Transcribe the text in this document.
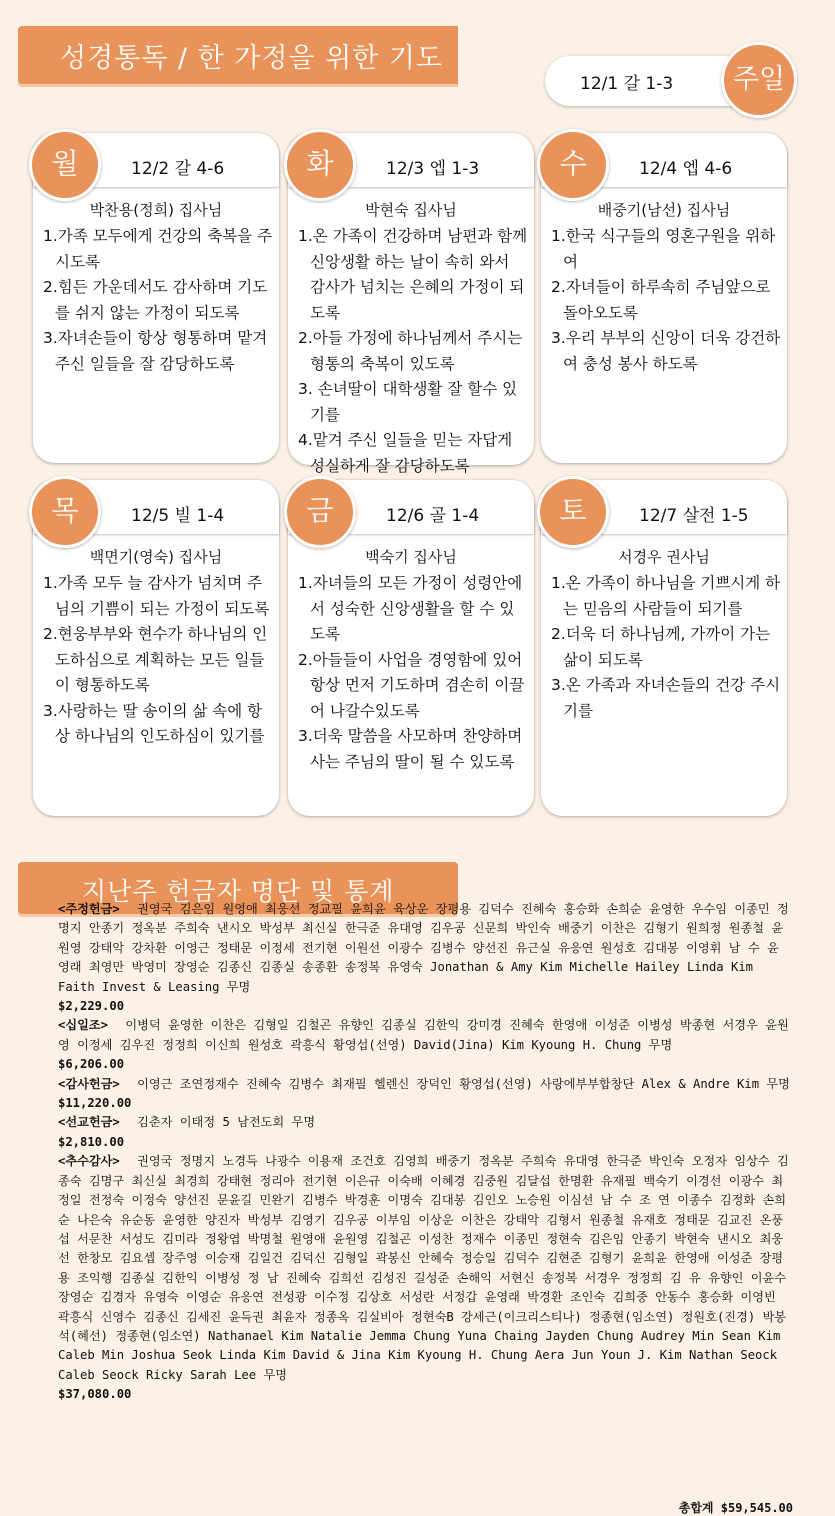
성경통독 / 한 가정을 위한 기도
12/1 갈 1-3	주일
월	12/2 갈 4-6
박찬용(정희) 집사님
1.가족 모두에게 건강의 축복을 주시도록
2.힘든 가운데서도 감사하며 기도를 쉬지 않는 가정이 되도록
3.자녀손들이 항상 형통하며 맡겨주신 일들을 잘 감당하도록
화	12/3 엡 1-3
박현숙 집사님
1.온 가족이 건강하며 남편과 함께 신앙생활 하는 날이 속히 와서 감사가 넘치는 은혜의 가정이 되도록
2.아들 가정에 하나님께서 주시는 형통의 축복이 있도록
3. 손녀딸이 대학생활 잘 할수 있기를
4.맡겨 주신 일들을 믿는 자답게 성실하게 잘 감당하도록
수	12/4 엡 4-6
배중기(남선) 집사님
1.한국 식구들의 영혼구원을 위하여
2.자녀들이 하루속히 주님앞으로 돌아오도록
3.우리 부부의 신앙이 더욱 강건하여 충성 봉사 하도록
목	12/5 빌 1-4
백면기(영숙) 집사님
1.가족 모두 늘 감사가 넘치며 주님의 기쁨이 되는 가정이 되도록
2.현웅부부와 현수가 하나님의 인도하심으로 계획하는 모든 일들이 형통하도록
3.사랑하는 딸 송이의 삶 속에 항상 하나님의 인도하심이 있기를
금	12/6 골 1-4
백숙기 집사님
1.자녀들의 모든 가정이 성령안에서 성숙한 신앙생활을 할 수 있도록
2.아들들이 사업을 경영함에 있어 항상 먼저 기도하며 겸손히 이끌어 나갈수있도록
3.더욱 말씀을 사모하며 찬양하며 사는 주님의 딸이 될 수 있도록
토	12/7 살전 1-5
서경우 권사님
1.온 가족이 하나님을 기쁘시게 하는 믿음의 사람들이 되기를
2.더욱 더 하나님께, 가까이 가는 삶이 되도록
3.온 가족과 자녀손들의 건강 주시기를
지난주 헌금자 명단 및 통계
<주정헌금> 권영국 김은임 원영애 최웅선 정교필 윤희윤 육상운 장평용 김덕수 진혜숙 홍승화 손희순 윤영한 우수임 이종민 정명지 안종기 정옥분 주희숙 낸시오 박성부 최신실 한극준 유대영 김우공 신문희 박인숙 배중기 이찬은 김형기 원희정 원종철 윤원영 강태악 강차환 이영근 정태문 이정세 전기현 이원선 이광수 김병수 양선진 유근실 유응연 원성호 김대봉 이영휘 남 수 윤영래 최영만 박영미 장영순 김종신 김종실 송종환 송정복 유영숙 Jonathan & Amy Kim Michelle Hailey Linda Kim Faith Invest & Leasing 무명
$2,229.00
<십일조> 이병덕 윤영한 이찬은 김형일 김철곤 유향인 김종실 김한익 강미경 진혜숙 한영애 이성준 이병성 박종현 서경우 윤원영 이정세 김우진 정정희 이신희 원성호 곽흥식 황영섭(선영) David(Jina) Kim Kyoung H. Chung 무명
$6,206.00
<감사헌금> 이영근 조연정재수 진혜숙 김병수 최재필 헬렌신 장덕인 황영섭(선영) 사랑에부부합창단 Alex & Andre Kim 무명
$11,220.00
<선교헌금> 김춘자 이태정 5 남전도회 무명
$2,810.00
<추수감사> 권영국 정명지 노경득 나광수 이용재 조건호 김영희 배중기 정옥분 주희숙 유대영 한극준 박인숙 오정자 임상수 김종숙 김명구 최신실 최경희 강태현 정리아 전기현 이은규 이숙배 이혜경 김중원 김달섭 한명환 유재필 백숙기 이경선 이광수 최정일 전정숙 이정숙 양선진 문윤길 민완기 김병수 박경훈 이명숙 김대봉 김인오 노승원 이심선 남 수 조 연 이종수 김정화 손희순 나은숙 유순동 윤영한 양진자 박성부 김영기 김우공 이부임 이상운 이찬은 강태악 김형서 원종철 유재호 정태문 김교진 온풍섭 서문찬 서성도 김미라 정왕엽 박명철 원영애 윤원영 김철곤 이성찬 정재수 이종민 정현숙 김은임 안종기 박현숙 낸시오 최웅선 한창모 김요셉 장주영 이승재 김일건 김덕신 김형일 곽봉신 안혜숙 정승일 김덕수 김현준 김형기 윤희윤 한영애 이성준 장평용 조익행 김종실 김한익 이병성 정 남 진혜숙 김희선 김성진 길성준 손해익 서현신 송정복 서경우 정정희 김 유 유향인 이윤수 장영순 김경자 유영숙 이영순 유응연 전성광 이수정 김상호 서성란 서정갑 윤영래 박경환 조인숙 김희중 안동수 홍승화 이영빈 곽흥식 신영수 김종신 김세진 윤득권 최윤자 정종옥 김실비아 정현숙B 강세근(이크리스티나) 정종현(임소연) 정원호(진경) 박봉석(혜선) 정종현(임소연) Nathanael Kim Natalie Jemma Chung Yuna Chaing Jayden Chung Audrey Min Sean Kim Caleb Min Joshua Seok Linda Kim David & Jina Kim Kyoung H. Chung Aera Jun Youn J. Kim Nathan Seock Caleb Seock Ricky Sarah Lee 무명
$37,080.00
총합계 $59,545.00
